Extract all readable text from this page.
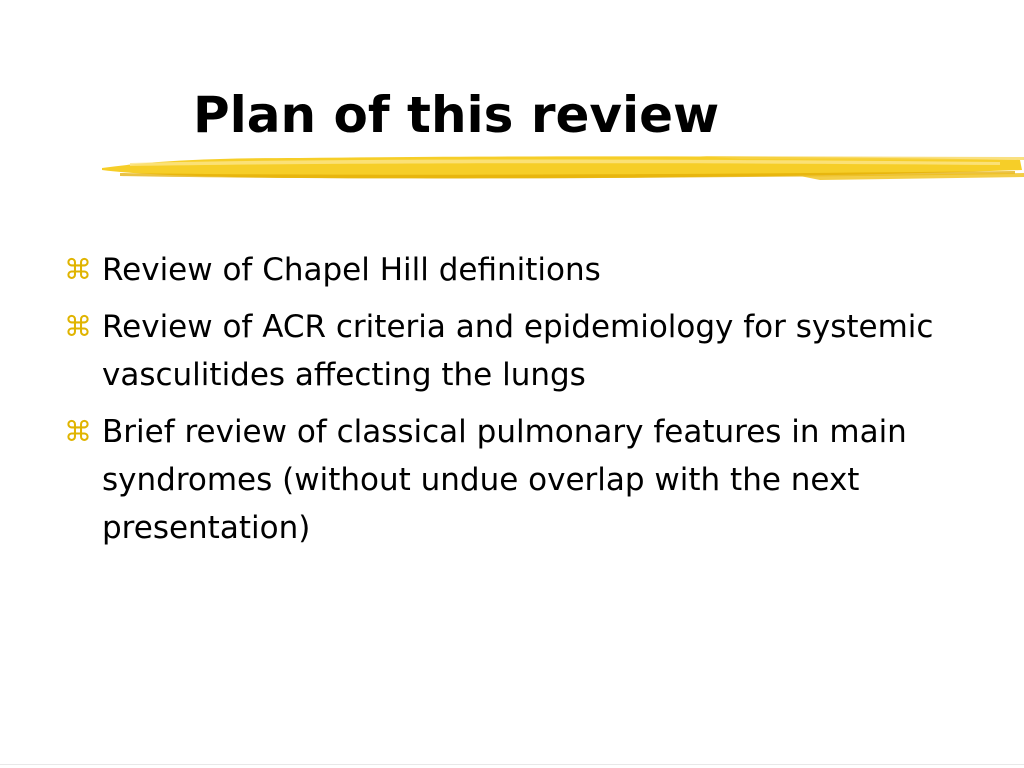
Plan of this review
⌘ Review of Chapel Hill definitions
⌘ Review of ACR criteria and epidemiology for systemic vasculitides affecting the lungs
⌘ Brief review of classical pulmonary features in main syndromes (without undue overlap with the next presentation)
